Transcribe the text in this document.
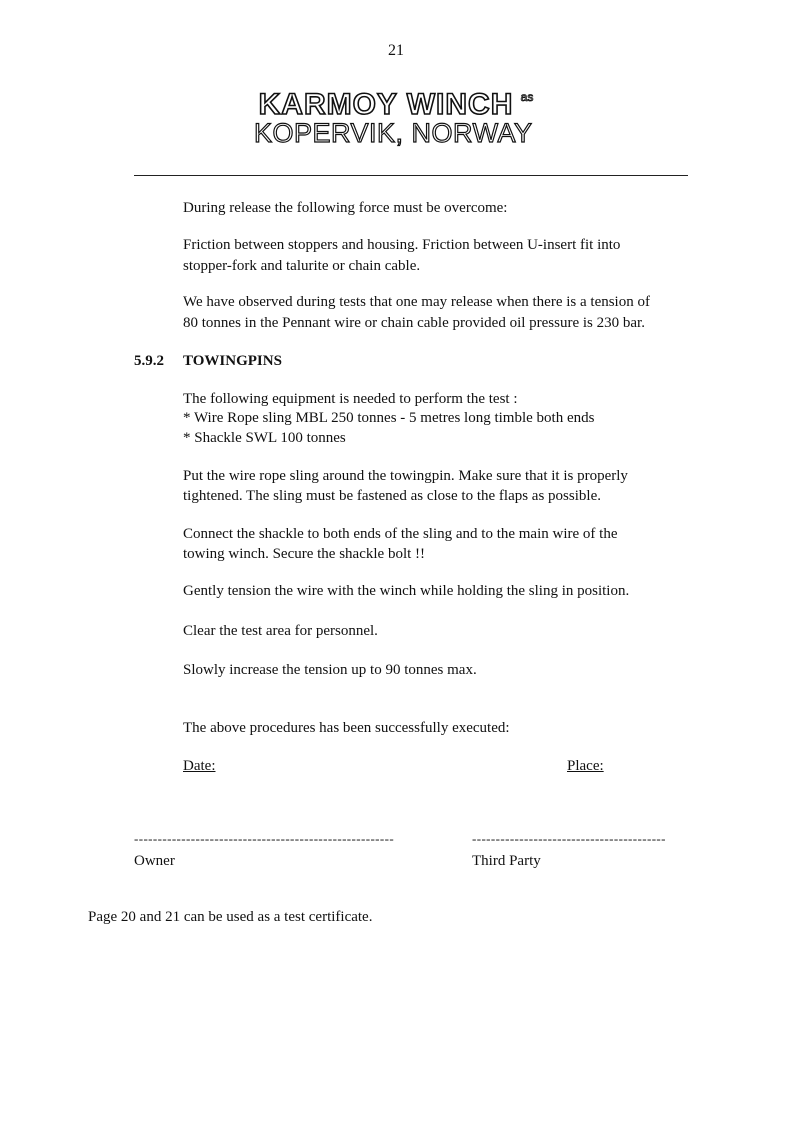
21

KARMOY WINCH as
KOPERVIK, NORWAY

During release the following force must be overcome:

Friction between stoppers and housing. Friction between U-insert fit into

stopper-fork and talurite or chain cable.

We have observed during tests that one may release when there is a tension of

80 tonnes in the Pennant wire or chain cable provided oil pressure is 230 bar.

5.9.2 TOWINGPINS

The following equipment is needed to perform the test :

* Wire Rope sling MBL 250 tonnes - 5 metres long timble both ends

* Shackle SWL 100 tonnes

Put the wire rope sling around the towingpin. Make sure that it is properly

tightened. The sling must be fastened as close to the flaps as possible.

Connect the shackle to both ends of the sling and to the main wire of the

towing winch. Secure the shackle bolt !!

Gently tension the wire with the winch while holding the sling in position.

Clear the test area for personnel.

Slowly increase the tension up to 90 tonnes max.

The above procedures has been successfully executed:

Date:	Place:

-------------------------------------------------------

Owner

-----------------------------------------

Third Party

Page 20 and 21 can be used as a test certificate.
